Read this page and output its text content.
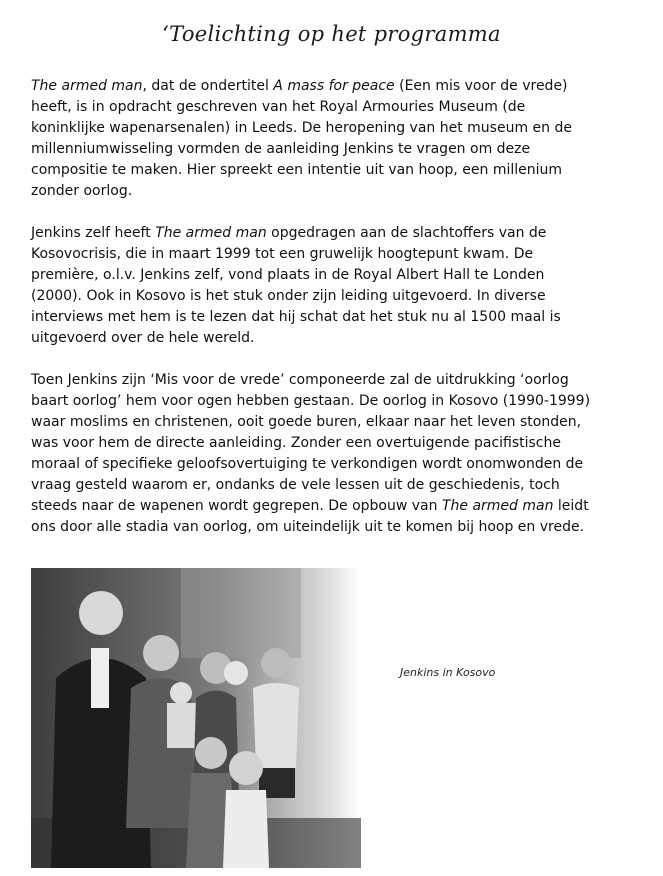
‘Toelichting op het programma

The armed man, dat de ondertitel A mass for peace (Een mis voor de vrede) heeft, is in opdracht geschreven van het Royal Armouries Museum (de koninklijke wapenarsenalen) in Leeds. De heropening van het museum en de millenniumwisseling vormden de aanleiding Jenkins te vragen om deze compositie te maken. Hier spreekt een intentie uit van hoop, een millenium zonder oorlog.

Jenkins zelf heeft The armed man opgedragen aan de slachtoffers van de Kosovocrisis, die in maart 1999 tot een gruwelijk hoogtepunt kwam. De première, o.l.v. Jenkins zelf, vond plaats in de Royal Albert Hall te Londen (2000). Ook in Kosovo is het stuk onder zijn leiding uitgevoerd. In diverse interviews met hem is te lezen dat hij schat dat het stuk nu al 1500 maal is uitgevoerd over de hele wereld.

Toen Jenkins zijn ‘Mis voor de vrede’ componeerde zal de uitdrukking ‘oorlog baart oorlog’ hem voor ogen hebben gestaan. De oorlog in Kosovo (1990-1999) waar moslims en christenen, ooit goede buren, elkaar naar het leven stonden, was voor hem de directe aanleiding. Zonder een overtuigende pacifistische moraal of specifieke geloofsovertuiging te verkondigen wordt onomwonden de vraag gesteld waarom er, ondanks de vele lessen uit de geschiedenis, toch steeds naar de wapenen wordt gegrepen. De opbouw van The armed man leidt ons door alle stadia van oorlog, om uiteindelijk uit te komen bij hoop en vrede.

Jenkins in Kosovo
